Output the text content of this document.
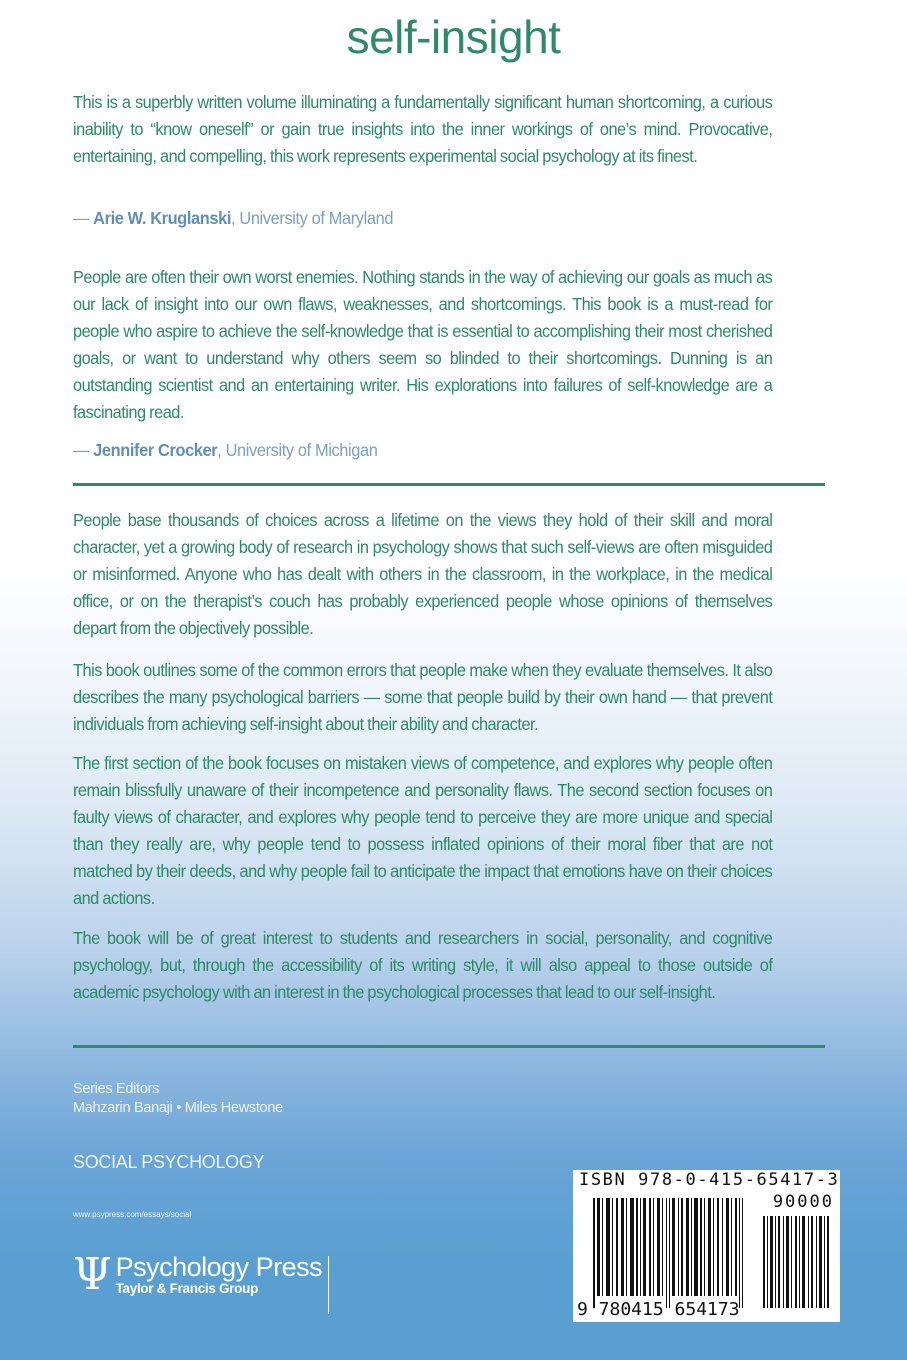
self-insight
This is a superbly written volume illuminating a fundamentally significant human shortcoming, a curious inability to “know oneself” or gain true insights into the inner workings of one’s mind. Provocative, entertaining, and compelling, this work represents experimental social psychology at its finest.
— Arie W. Kruglanski, University of Maryland
People are often their own worst enemies. Nothing stands in the way of achieving our goals as much as our lack of insight into our own flaws, weaknesses, and shortcomings. This book is a must-read for people who aspire to achieve the self-knowledge that is essential to accomplishing their most cherished goals, or want to understand why others seem so blinded to their shortcomings. Dunning is an outstanding scientist and an entertaining writer. His explorations into failures of self-knowledge are a fascinating read.
— Jennifer Crocker, University of Michigan
People base thousands of choices across a lifetime on the views they hold of their skill and moral character, yet a growing body of research in psychology shows that such self-views are often misguided or misinformed. Anyone who has dealt with others in the classroom, in the workplace, in the medical office, or on the therapist’s couch has probably experienced people whose opinions of themselves depart from the objectively possible.
This book outlines some of the common errors that people make when they evaluate themselves. It also describes the many psychological barriers — some that people build by their own hand — that prevent individuals from achieving self-insight about their ability and character.
The first section of the book focuses on mistaken views of competence, and explores why people often remain blissfully unaware of their incompetence and personality flaws. The second section focuses on faulty views of character, and explores why people tend to perceive they are more unique and special than they really are, why people tend to possess inflated opinions of their moral fiber that are not matched by their deeds, and why people fail to anticipate the impact that emotions have on their choices and actions.
The book will be of great interest to students and researchers in social, personality, and cognitive psychology, but, through the accessibility of its writing style, it will also appeal to those outside of academic psychology with an interest in the psychological processes that lead to our self-insight.
Series Editors
Mahzarin Banaji • Miles Hewstone
SOCIAL PSYCHOLOGY
www.psypress.com/essays/social
Ψ Psychology Press
Taylor & Francis Group
ISBN 978-0-415-65417-3
90000
9 780415 654173
